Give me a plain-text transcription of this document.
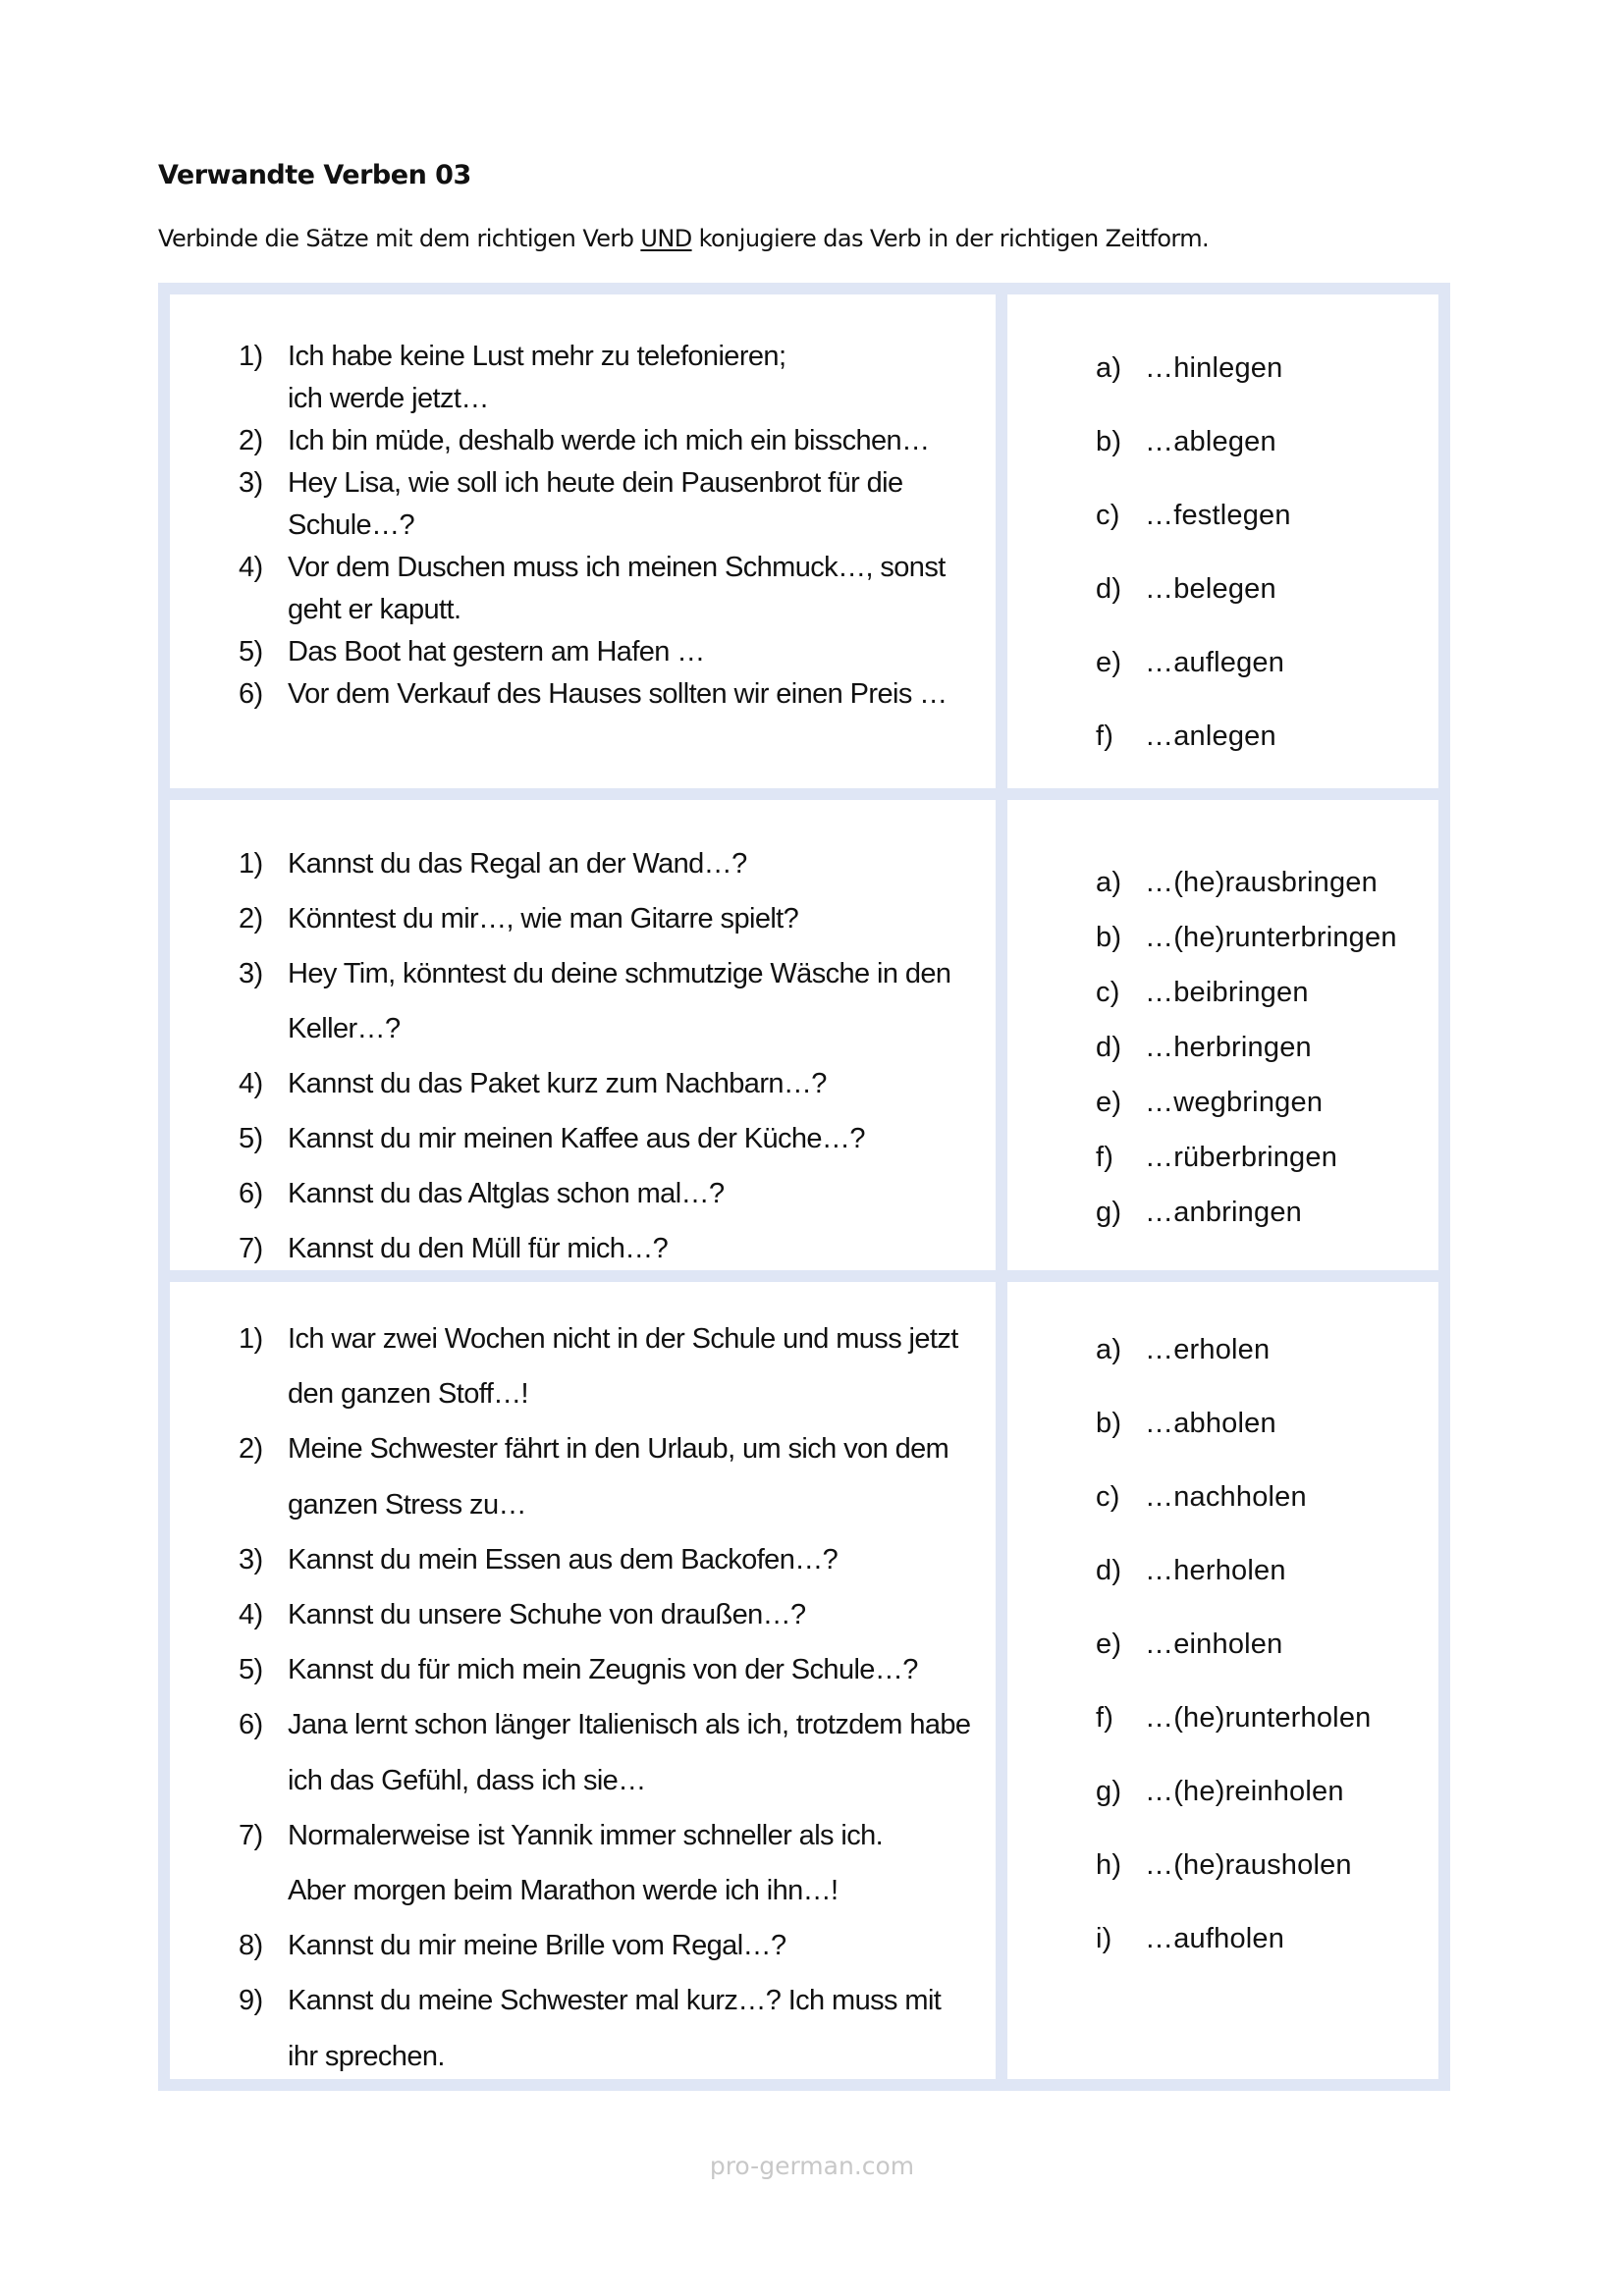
Verwandte Verben 03
Verbinde die Sätze mit dem richtigen Verb UND konjugiere das Verb in der richtigen Zeitform.
1) Ich habe keine Lust mehr zu telefonieren;
ich werde jetzt…
2) Ich bin müde, deshalb werde ich mich ein bisschen…
3) Hey Lisa, wie soll ich heute dein Pausenbrot für die Schule…?
4) Vor dem Duschen muss ich meinen Schmuck…, sonst geht er kaputt.
5) Das Boot hat gestern am Hafen …
6) Vor dem Verkauf des Hauses sollten wir einen Preis …
a) …hinlegen
b) …ablegen
c) …festlegen
d) …belegen
e) …auflegen
f)	…anlegen
1) Kannst du das Regal an der Wand…?
2) Könntest du mir…, wie man Gitarre spielt?
3) Hey Tim, könntest du deine schmutzige Wäsche in den Keller…?
4) Kannst du das Paket kurz zum Nachbarn…?
5) Kannst du mir meinen Kaffee aus der Küche…?
6) Kannst du das Altglas schon mal…?
7) Kannst du den Müll für mich…?
a) …(he)rausbringen
b) …(he)runterbringen
c) …beibringen
d) …herbringen
e) …wegbringen
f)	…rüberbringen
g) …anbringen
1) Ich war zwei Wochen nicht in der Schule und muss jetzt den ganzen Stoff…!
2) Meine Schwester fährt in den Urlaub, um sich von dem ganzen Stress zu…
3) Kannst du mein Essen aus dem Backofen…?
4) Kannst du unsere Schuhe von draußen…?
5) Kannst du für mich mein Zeugnis von der Schule…?
6) Jana lernt schon länger Italienisch als ich, trotzdem habe ich das Gefühl, dass ich sie…
7) Normalerweise ist Yannik immer schneller als ich.
Aber morgen beim Marathon werde ich ihn…!
8) Kannst du mir meine Brille vom Regal…?
9) Kannst du meine Schwester mal kurz…? Ich muss mit ihr sprechen.
a) …erholen
b) …abholen
c) …nachholen
d) …herholen
e) …einholen
f)	…(he)runterholen
g) …(he)reinholen
h) …(he)rausholen
i)	…aufholen
pro-german.com
